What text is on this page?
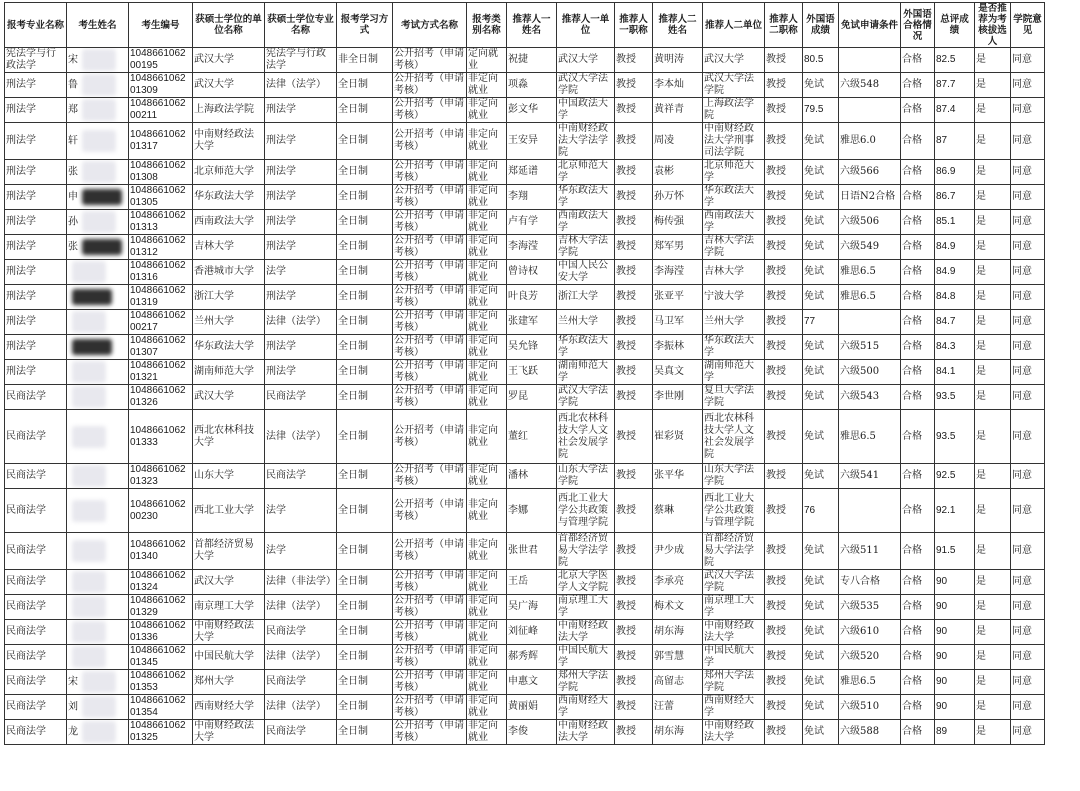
报考专业名称	考生姓名	考生编号	获硕士学位的单位名称	获硕士学位专业名称	报考学习方式	考试方式名称	报考类别名称	推荐人一姓名	推荐人一单位	推荐人一职称	推荐人二姓名	推荐人二单位	推荐人二职称	外国语成绩	免试申请条件	外国语合格情况	总评成绩	是否推荐为考核拔选人	学院意见
宪法学与行政法学	宋	104866106200195	武汉大学	宪法学与行政法学	非全日制	公开招考（申请考核）	定向就业	祝捷	武汉大学	教授	黄明涛	武汉大学	教授	80.5		合格	82.5	是	同意
刑法学	鲁	104866106201309	武汉大学	法律（法学）	全日制	公开招考（申请考核）	非定向就业	项淼	武汉大学法学院	教授	李本灿	武汉大学法学院	教授	免试	六级548	合格	87.7	是	同意
刑法学	郑	104866106200211	上海政法学院	刑法学	全日制	公开招考（申请考核）	非定向就业	彭文华	中国政法大学	教授	黄祥青	上海政法学院	教授	79.5		合格	87.4	是	同意
刑法学	轩	104866106201317	中南财经政法大学	刑法学	全日制	公开招考（申请考核）	非定向就业	王安异	中南财经政法大学法学院	教授	周凌	中南财经政法大学刑事司法学院	教授	免试	雅思6.0	合格	87	是	同意
刑法学	张	104866106201308	北京师范大学	刑法学	全日制	公开招考（申请考核）	非定向就业	郑延谱	北京师范大学	教授	袁彬	北京师范大学	教授	免试	六级566	合格	86.9	是	同意
刑法学	申	104866106201305	华东政法大学	刑法学	全日制	公开招考（申请考核）	非定向就业	李翔	华东政法大学	教授	孙万怀	华东政法大学	教授	免试	日语N2合格	合格	86.7	是	同意
刑法学	孙	104866106201313	西南政法大学	刑法学	全日制	公开招考（申请考核）	非定向就业	卢有学	西南政法大学	教授	梅传强	西南政法大学	教授	免试	六级506	合格	85.1	是	同意
刑法学	张	104866106201312	吉林大学	刑法学	全日制	公开招考（申请考核）	非定向就业	李海滢	吉林大学法学院	教授	郑军男	吉林大学法学院	教授	免试	六级549	合格	84.9	是	同意
刑法学		104866106201316	香港城市大学	法学	全日制	公开招考（申请考核）	非定向就业	曾诗权	中国人民公安大学	教授	李海滢	吉林大学	教授	免试	雅思6.5	合格	84.9	是	同意
刑法学		104866106201319	浙江大学	刑法学	全日制	公开招考（申请考核）	非定向就业	叶良芳	浙江大学	教授	张亚平	宁波大学	教授	免试	雅思6.5	合格	84.8	是	同意
刑法学		104866106200217	兰州大学	法律（法学）	全日制	公开招考（申请考核）	非定向就业	张建军	兰州大学	教授	马卫军	兰州大学	教授	77		合格	84.7	是	同意
刑法学		104866106201307	华东政法大学	刑法学	全日制	公开招考（申请考核）	非定向就业	吴允锋	华东政法大学	教授	李振林	华东政法大学	教授	免试	六级515	合格	84.3	是	同意
刑法学		104866106201321	湖南师范大学	刑法学	全日制	公开招考（申请考核）	非定向就业	王飞跃	湖南师范大学	教授	吴真文	湖南师范大学	教授	免试	六级500	合格	84.1	是	同意
民商法学		104866106201326	武汉大学	民商法学	全日制	公开招考（申请考核）	非定向就业	罗昆	武汉大学法学院	教授	李世刚	复旦大学法学院	教授	免试	六级543	合格	93.5	是	同意
民商法学		104866106201333	西北农林科技大学	法律（法学）	全日制	公开招考（申请考核）	非定向就业	董红	西北农林科技大学人文社会发展学院	教授	崔彩贤	西北农林科技大学人文社会发展学院	教授	免试	雅思6.5	合格	93.5	是	同意
民商法学		104866106201323	山东大学	民商法学	全日制	公开招考（申请考核）	非定向就业	潘林	山东大学法学院	教授	张平华	山东大学法学院	教授	免试	六级541	合格	92.5	是	同意
民商法学		104866106200230	西北工业大学	法学	全日制	公开招考（申请考核）	非定向就业	李娜	西北工业大学公共政策与管理学院	教授	蔡琳	西北工业大学公共政策与管理学院	教授	76		合格	92.1	是	同意
民商法学		104866106201340	首都经济贸易大学	法学	全日制	公开招考（申请考核）	非定向就业	张世君	首都经济贸易大学法学院	教授	尹少成	首都经济贸易大学法学院	教授	免试	六级511	合格	91.5	是	同意
民商法学		104866106201324	武汉大学	法律（非法学）	全日制	公开招考（申请考核）	非定向就业	王岳	北京大学医学人文学院	教授	李承亮	武汉大学法学院	教授	免试	专八合格	合格	90	是	同意
民商法学		104866106201329	南京理工大学	法律（法学）	全日制	公开招考（申请考核）	非定向就业	吴广海	南京理工大学	教授	梅术文	南京理工大学	教授	免试	六级535	合格	90	是	同意
民商法学		104866106201336	中南财经政法大学	民商法学	全日制	公开招考（申请考核）	非定向就业	刘征峰	中南财经政法大学	教授	胡东海	中南财经政法大学	教授	免试	六级610	合格	90	是	同意
民商法学		104866106201345	中国民航大学	法律（法学）	全日制	公开招考（申请考核）	非定向就业	郝秀辉	中国民航大学	教授	郭雪慧	中国民航大学	教授	免试	六级520	合格	90	是	同意
民商法学	宋	104866106201353	郑州大学	民商法学	全日制	公开招考（申请考核）	非定向就业	申惠文	郑州大学法学院	教授	高留志	郑州大学法学院	教授	免试	雅思6.5	合格	90	是	同意
民商法学	刘	104866106201354	西南财经大学	法律（法学）	全日制	公开招考（申请考核）	非定向就业	黄丽娟	西南财经大学	教授	汪蕾	西南财经大学	教授	免试	六级510	合格	90	是	同意
民商法学	龙	104866106201325	中南财经政法大学	民商法学	全日制	公开招考（申请考核）	非定向就业	李俊	中南财经政法大学	教授	胡东海	中南财经政法大学	教授	免试	六级588	合格	89	是	同意
